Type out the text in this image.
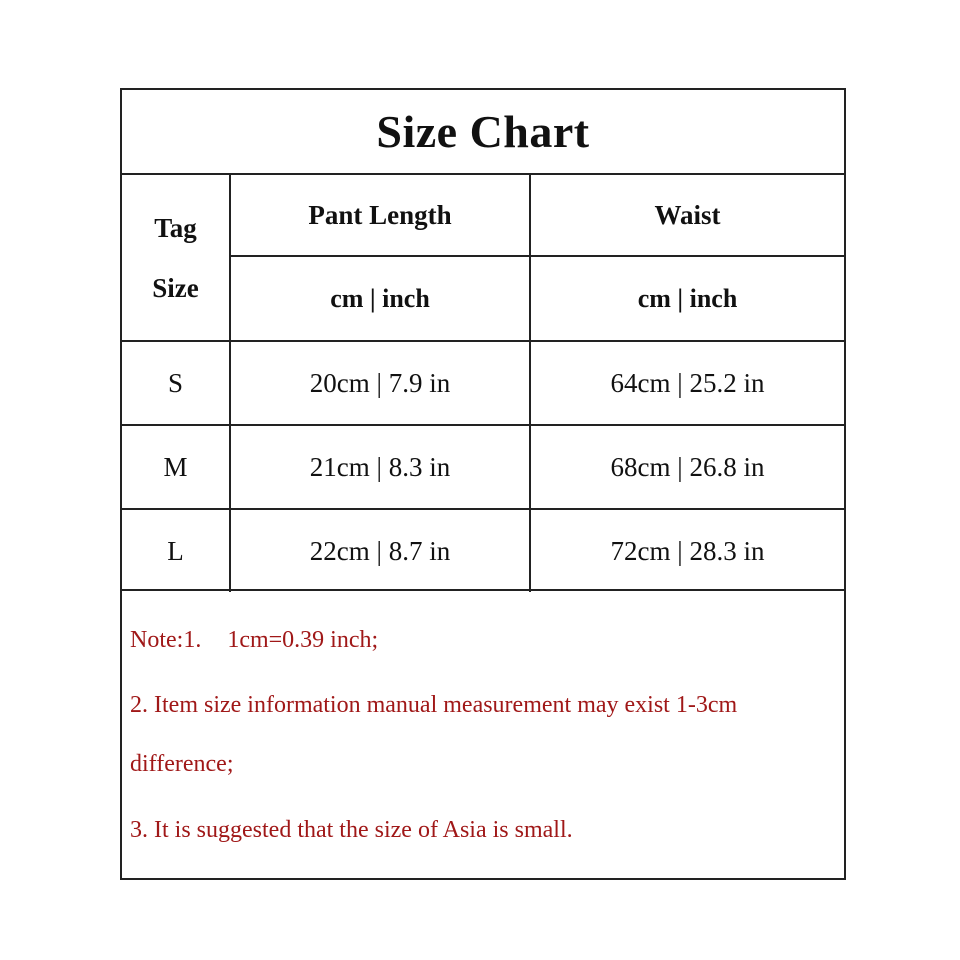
Size Chart
Tag
Size	Pant Length	Waist
	cm | inch	cm | inch
S	20cm | 7.9 in	64cm | 25.2 in
M	21cm | 8.3 in	68cm | 26.8 in
L	22cm | 8.7 in	72cm | 28.3 in

Note:1. 1cm=0.39 inch;

2. Item size information manual measurement may exist 1-3cm

difference;

3. It is suggested that the size of Asia is small.
